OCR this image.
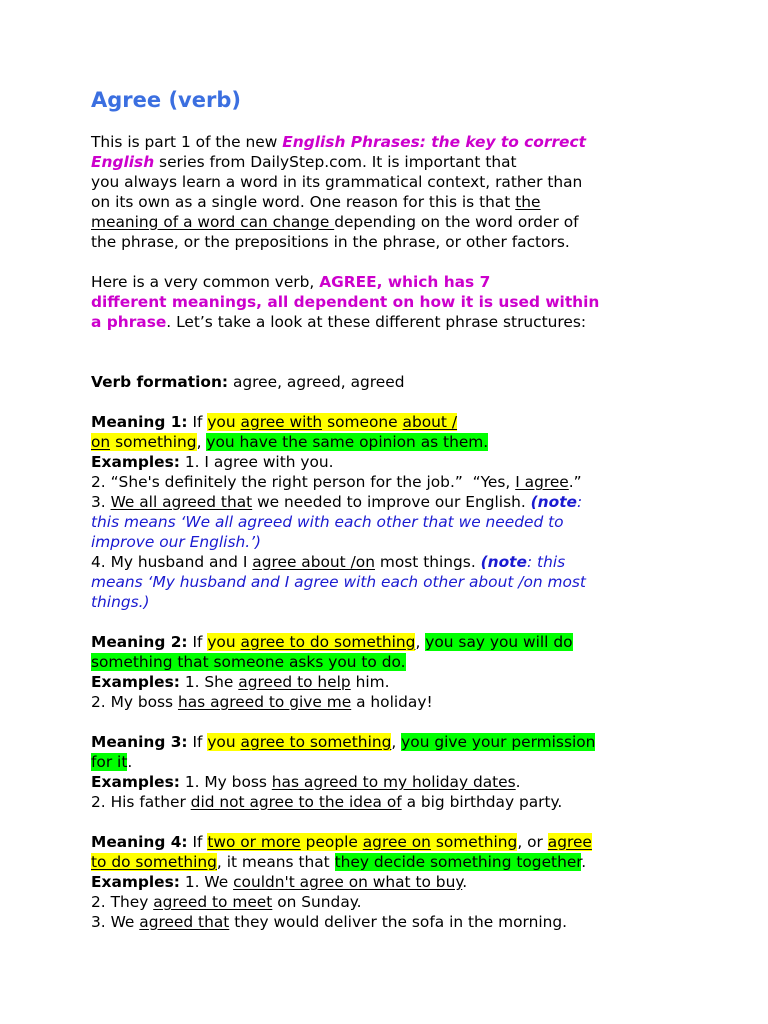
Agree (verb)
This is part 1 of the new English Phrases: the key to correct
English series from DailyStep.com. It is important that
you always learn a word in its grammatical context, rather than
on its own as a single word. One reason for this is that the
meaning of a word can change depending on the word order of
the phrase, or the prepositions in the phrase, or other factors.
Here is a very common verb, AGREE, which has 7
different meanings, all dependent on how it is used within
a phrase. Let’s take a look at these different phrase structures:
Verb formation: agree, agreed, agreed
Meaning 1: If you agree with someone about /
on something, you have the same opinion as them.
Examples: 1. I agree with you.
2. “She's definitely the right person for the job.”  “Yes, I agree.”
3. We all agreed that we needed to improve our English. (note:
this means ‘We all agreed with each other that we needed to
improve our English.’)
4. My husband and I agree about /on most things. (note: this
means ‘My husband and I agree with each other about /on most
things.)
Meaning 2: If you agree to do something, you say you will do
something that someone asks you to do.
Examples: 1. She agreed to help him.
2. My boss has agreed to give me a holiday!
Meaning 3: If you agree to something, you give your permission
for it.
Examples: 1. My boss has agreed to my holiday dates.
2. His father did not agree to the idea of a big birthday party.
Meaning 4: If two or more people agree on something, or agree
to do something, it means that they decide something together.
Examples: 1. We couldn't agree on what to buy.
2. They agreed to meet on Sunday.
3. We agreed that they would deliver the sofa in the morning.
